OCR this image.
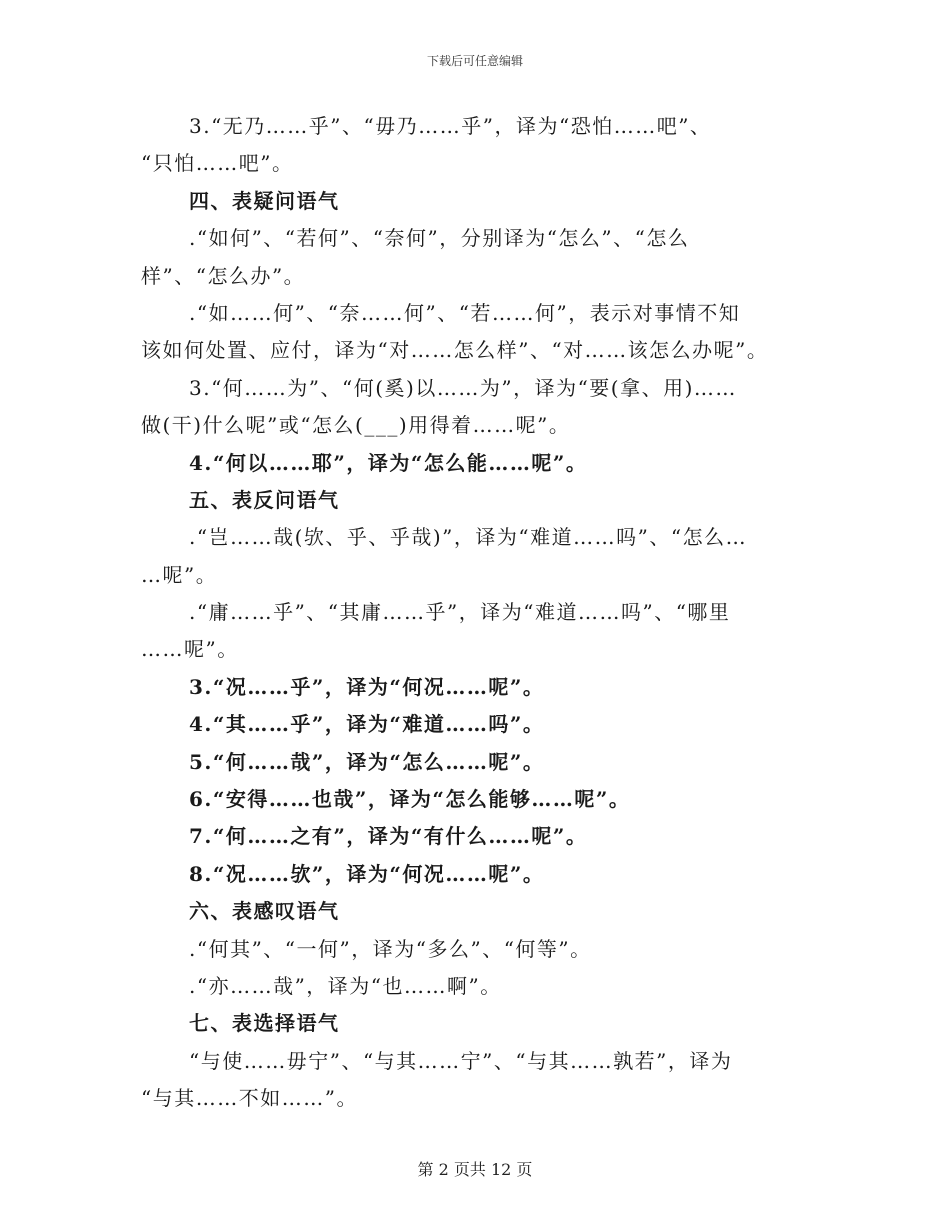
下载后可任意编辑
3.“无乃……乎”、“毋乃……乎”，译为“恐怕……吧”、
“只怕……吧”。
四、表疑问语气
.“如何”、“若何”、“奈何”，分别译为“怎么”、“怎么
样”、“怎么办”。
.“如……何”、“奈……何”、“若……何”，表示对事情不知
该如何处置、应付，译为“对……怎么样”、“对……该怎么办呢”。
3.“何……为”、“何(奚)以……为”，译为“要(拿、用)……
做(干)什么呢”或“怎么(___)用得着……呢”。
4.“何以……耶”，译为“怎么能……呢”。
五、表反问语气
.“岂……哉(欤、乎、乎哉)”，译为“难道……吗”、“怎么…
…呢”。
.“庸……乎”、“其庸……乎”，译为“难道……吗”、“哪里
……呢”。
3.“况……乎”，译为“何况……呢”。
4.“其……乎”，译为“难道……吗”。
5.“何……哉”，译为“怎么……呢”。
6.“安得……也哉”，译为“怎么能够……呢”。
7.“何……之有”，译为“有什么……呢”。
8.“况……欤”，译为“何况……呢”。
六、表感叹语气
.“何其”、“一何”，译为“多么”、“何等”。
.“亦……哉”，译为“也……啊”。
七、表选择语气
“与使……毋宁”、“与其……宁”、“与其……孰若”，译为
“与其……不如……”。
第 2 页共 12 页
